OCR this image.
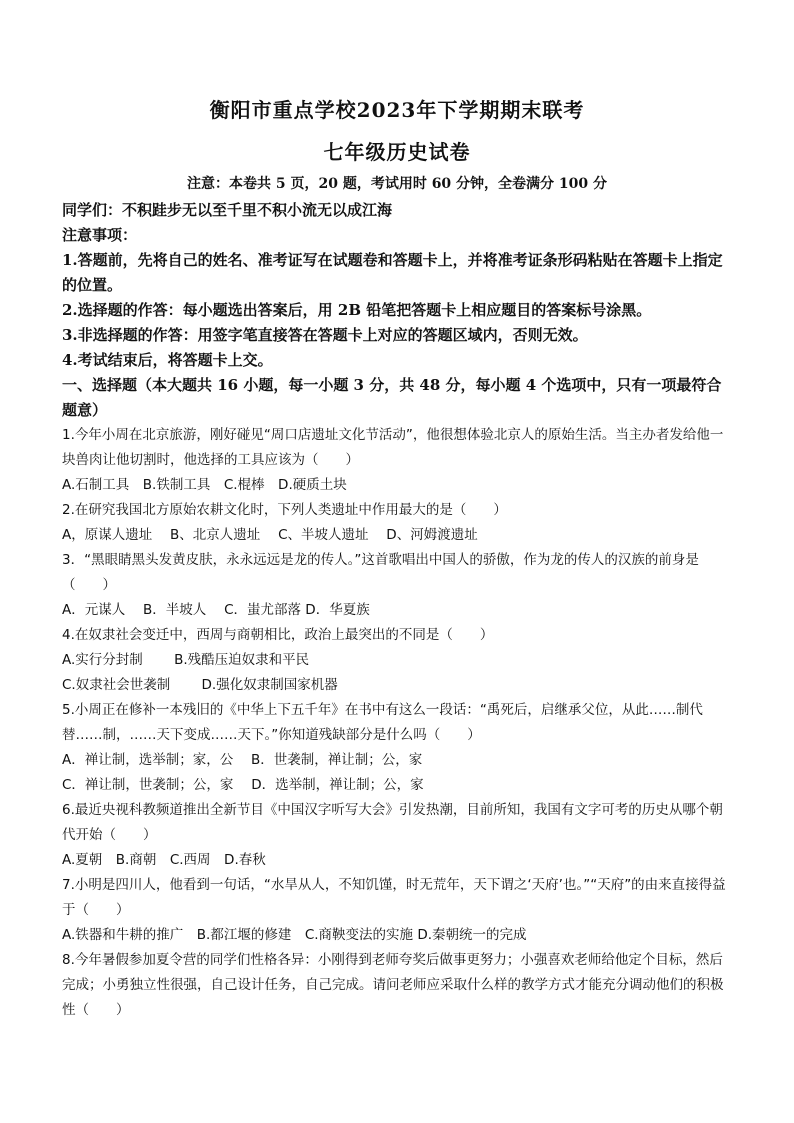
衡阳市重点学校2023年下学期期末联考
七年级历史试卷
注意：本卷共 5 页，20 题，考试用时 60 分钟，全卷满分 100 分
同学们：不积跬步无以至千里不积小流无以成江海
注意事项：
1.答题前，先将自己的姓名、准考证写在试题卷和答题卡上，并将准考证条形码粘贴在答题卡上指定的位置。
2.选择题的作答：每小题选出答案后，用 2B 铅笔把答题卡上相应题目的答案标号涂黑。
3.非选择题的作答：用签字笔直接答在答题卡上对应的答题区域内，否则无效。
4.考试结束后，将答题卡上交。
一、选择题（本大题共 16 小题，每一小题 3 分，共 48 分，每小题 4 个选项中，只有一项最符合题意）
1.今年小周在北京旅游，刚好碰见“周口店遗址文化节活动”，他很想体验北京人的原始生活。当主办者发给他一块兽肉让他切割时，他选择的工具应该为（　　）
A.石制工具　B.铁制工具　C.棍棒　D.硬质土块
2.在研究我国北方原始农耕文化时，下列人类遗址中作用最大的是（　　）
A，原谋人遗址　 B、北京人遗址　 C、半坡人遗址　 D、河姆渡遗址
3．“黑眼睛黑头发黄皮肤，永永远远是龙的传人。”这首歌唱出中国人的骄傲，作为龙的传人的汉族的前身是（　　）
A．元谋人　 B．半坡人　 C．蚩尤部落 D．华夏族
4.在奴隶社会变迁中，西周与商朝相比，政治上最突出的不同是（　　）
A.实行分封制　　 B.残酷压迫奴隶和平民
C.奴隶社会世袭制　　 D.强化奴隶制国家机器
5.小周正在修补一本残旧的《中华上下五千年》在书中有这么一段话：“禹死后，启继承父位，从此……制代替……制，……天下变成……天下。”你知道残缺部分是什么吗（　　）
A．禅让制，选举制；家，公　 B．世袭制，禅让制；公，家
C．禅让制，世袭制；公，家　 D．选举制，禅让制；公，家
6.最近央视科教频道推出全新节目《中国汉字听写大会》引发热潮，目前所知，我国有文字可考的历史从哪个朝代开始（　　）
A.夏朝　B.商朝　C.西周　D.春秋
7.小明是四川人，他看到一句话，“水旱从人，不知饥馑，时无荒年，天下谓之‘天府’也。”“天府”的由来直接得益于（　　）
A.铁器和牛耕的推广　B.都江堰的修建　C.商鞅变法的实施 D.秦朝统一的完成
8.今年暑假参加夏令营的同学们性格各异：小刚得到老师夸奖后做事更努力；小强喜欢老师给他定个目标，然后完成；小勇独立性很强，自己设计任务，自己完成。请问老师应采取什么样的教学方式才能充分调动他们的积极性（　　）
